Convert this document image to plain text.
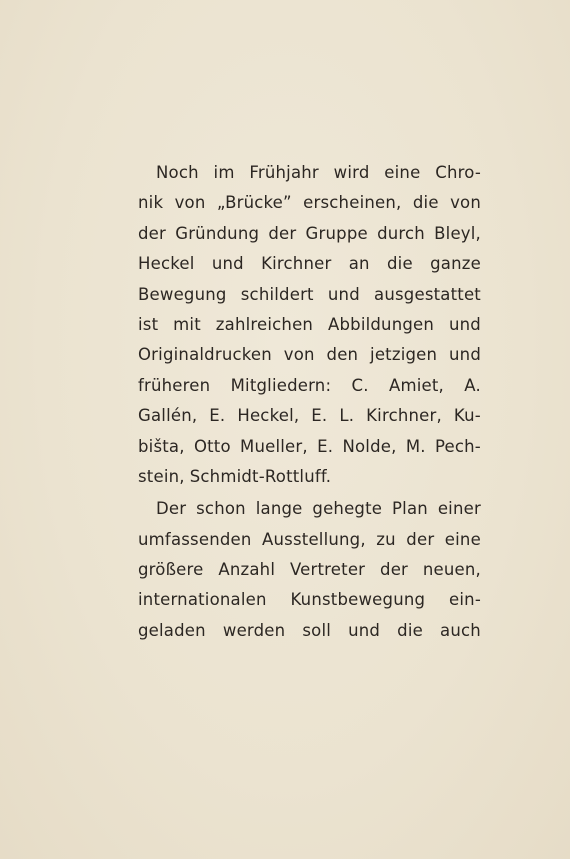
Noch im Frühjahr wird eine Chro-
nik von „Brücke” erscheinen, die von
der Gründung der Gruppe durch Bleyl,
Heckel und Kirchner an die ganze
Bewegung schildert und ausgestattet
ist mit zahlreichen Abbildungen und
Originaldrucken von den jetzigen und
früheren Mitgliedern: C. Amiet, A.
Gallén, E. Heckel, E. L. Kirchner, Ku-
bišta, Otto Mueller, E. Nolde, M. Pech-
stein, Schmidt-Rottluff.
Der schon lange gehegte Plan einer
umfassenden Ausstellung, zu der eine
größere Anzahl Vertreter der neuen,
internationalen Kunstbewegung ein-
geladen werden soll und die auch
